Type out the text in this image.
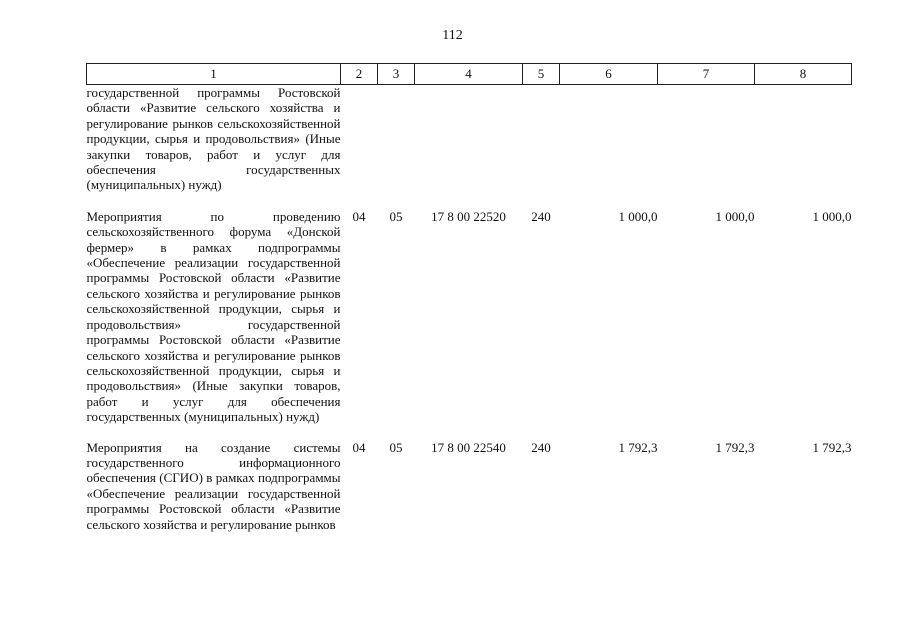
112
1	2	3	4	5	6	7	8
государственной программы Ростовской области «Развитие сельского хозяйства и регулирование рынков сельскохозяйственной продукции, сырья и продовольствия» (Иные закупки товаров, работ и услуг для обеспечения государственных (муниципальных) нужд)							
Мероприятия по проведению сельскохозяйственного форума «Донской фермер» в рамках подпрограммы «Обеспечение реализации государственной программы Ростовской области «Развитие сельского хозяйства и регулирование рынков сельскохозяйственной продукции, сырья и продовольствия» государственной программы Ростовской области «Развитие сельского хозяйства и регулирование рынков сельскохозяйственной продукции, сырья и продовольствия» (Иные закупки товаров, работ и услуг для обеспечения государственных (муниципальных) нужд)	04	05	17 8 00 22520	240	1 000,0	1 000,0	1 000,0
Мероприятия на создание системы государственного информационного обеспечения (СГИО) в рамках подпрограммы «Обеспечение реализации государственной программы Ростовской области «Развитие сельского хозяйства и регулирование рынков	04	05	17 8 00 22540	240	1 792,3	1 792,3	1 792,3
